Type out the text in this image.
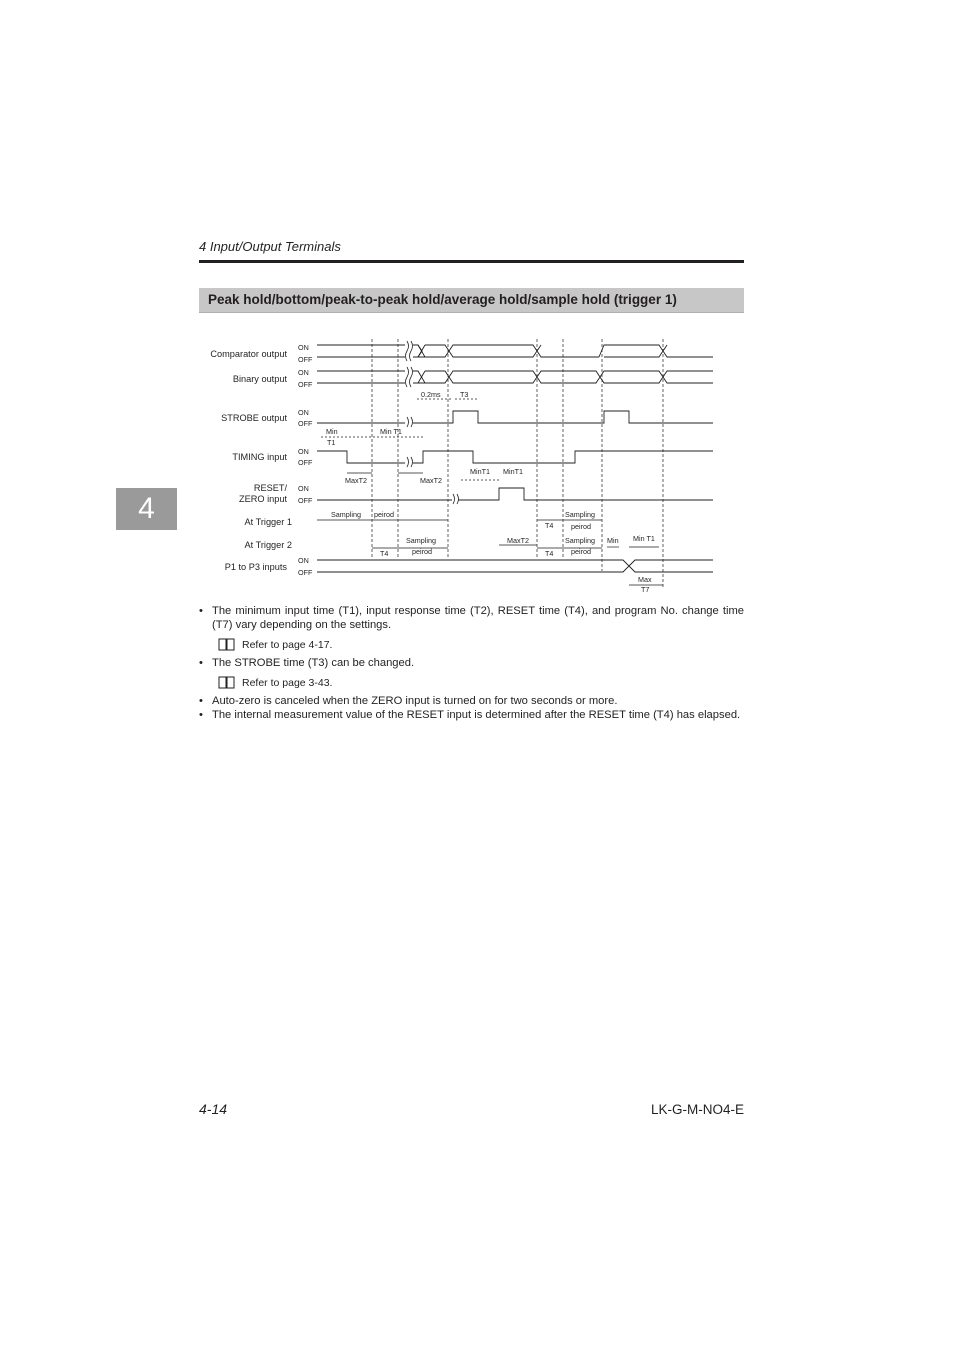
4 Input/Output Terminals
Peak hold/bottom/peak-to-peak hold/average hold/sample hold (trigger 1)
4
Comparator output
Binary output
STROBE output
TIMING input
RESET/
ZERO input
At Trigger 1
At Trigger 2
P1 to P3 inputs
ON
OFF
ON
OFF
ON
OFF
ON
OFF
ON
OFF
ON
OFF
0.2ms	T3
Min
T1
Min T1
MaxT2	MaxT2
MinT1 MinT1
Sampling peirod
T4
Sampling
peirod
Sampling
peirod
T4
MaxT2
T4
Sampling
peirod
Min Min T1
Max
T7
• The minimum input time (T1), input response time (T2), RESET time (T4), and program No. change time (T7) vary depending on the settings.
Refer to page 4-17.
• The STROBE time (T3) can be changed.
Refer to page 3-43.
• Auto-zero is canceled when the ZERO input is turned on for two seconds or more.
• The internal measurement value of the RESET input is determined after the RESET time (T4) has elapsed.
4-14	LK-G-M-NO4-E
